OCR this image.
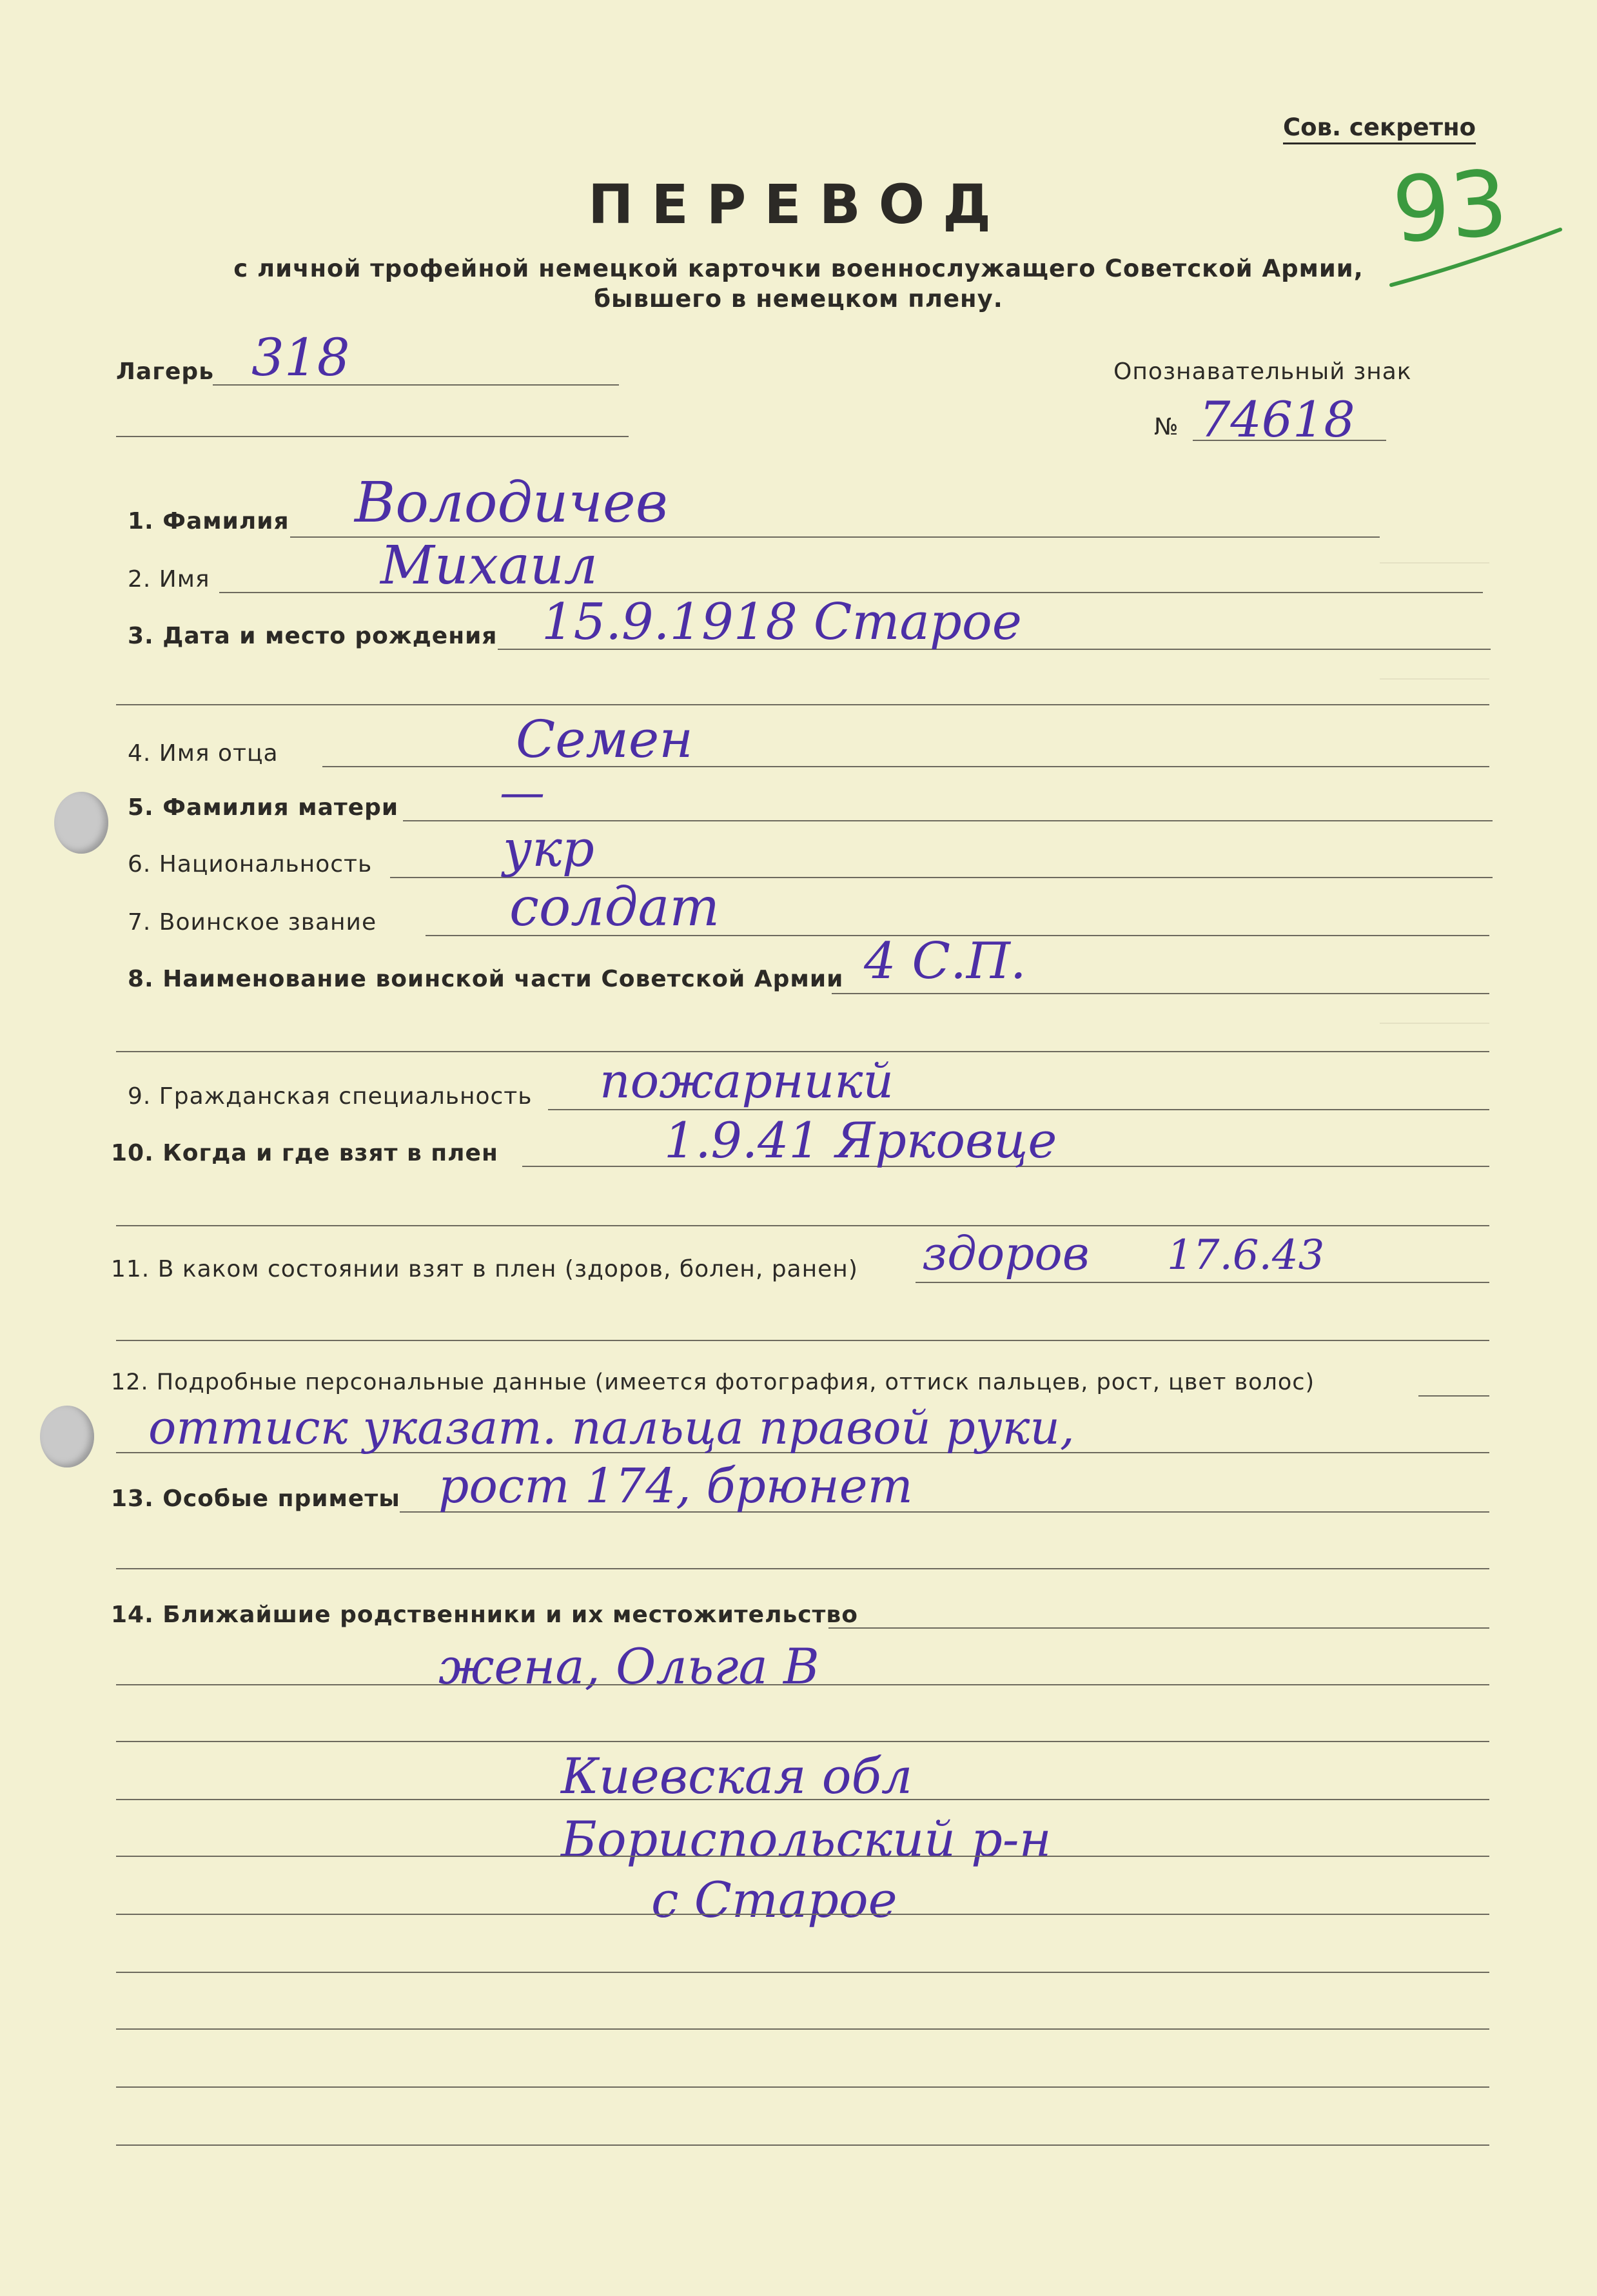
Сов. секретно
93
ПЕРЕВОД
с личной трофейной немецкой карточки военнослужащего Советской Армии,
бывшего в немецком плену.
Лагерь 318	Опознавательный знак
№ 74618
1. Фамилия Володичев
2. Имя	Михаил
3. Дата и место рождения 15.9.1918 Старое
4. Имя отца	Семен
5. Фамилия матери —
6. Национальность	укр
7. Воинское звание	солдат
8. Наименование воинской части Советской Армии 4 С.П.
9. Гражданская специальность пожарникй
10. Когда и где взят в плен	1.9.41 Ярковце
11. В каком состоянии взят в плен (здоров, болен, ранен) здоров 17.6.43
12. Подробные персональные данные (имеется фотография, оттиск пальцев, рост, цвет волос)
оттиск указат. пальца правой руки,
13. Особые приметы рост 174, брюнет
14. Ближайшие родственники и их местожительство
жена, Ольга В
Киевская обл
Бориспольский р-н
с Старое
